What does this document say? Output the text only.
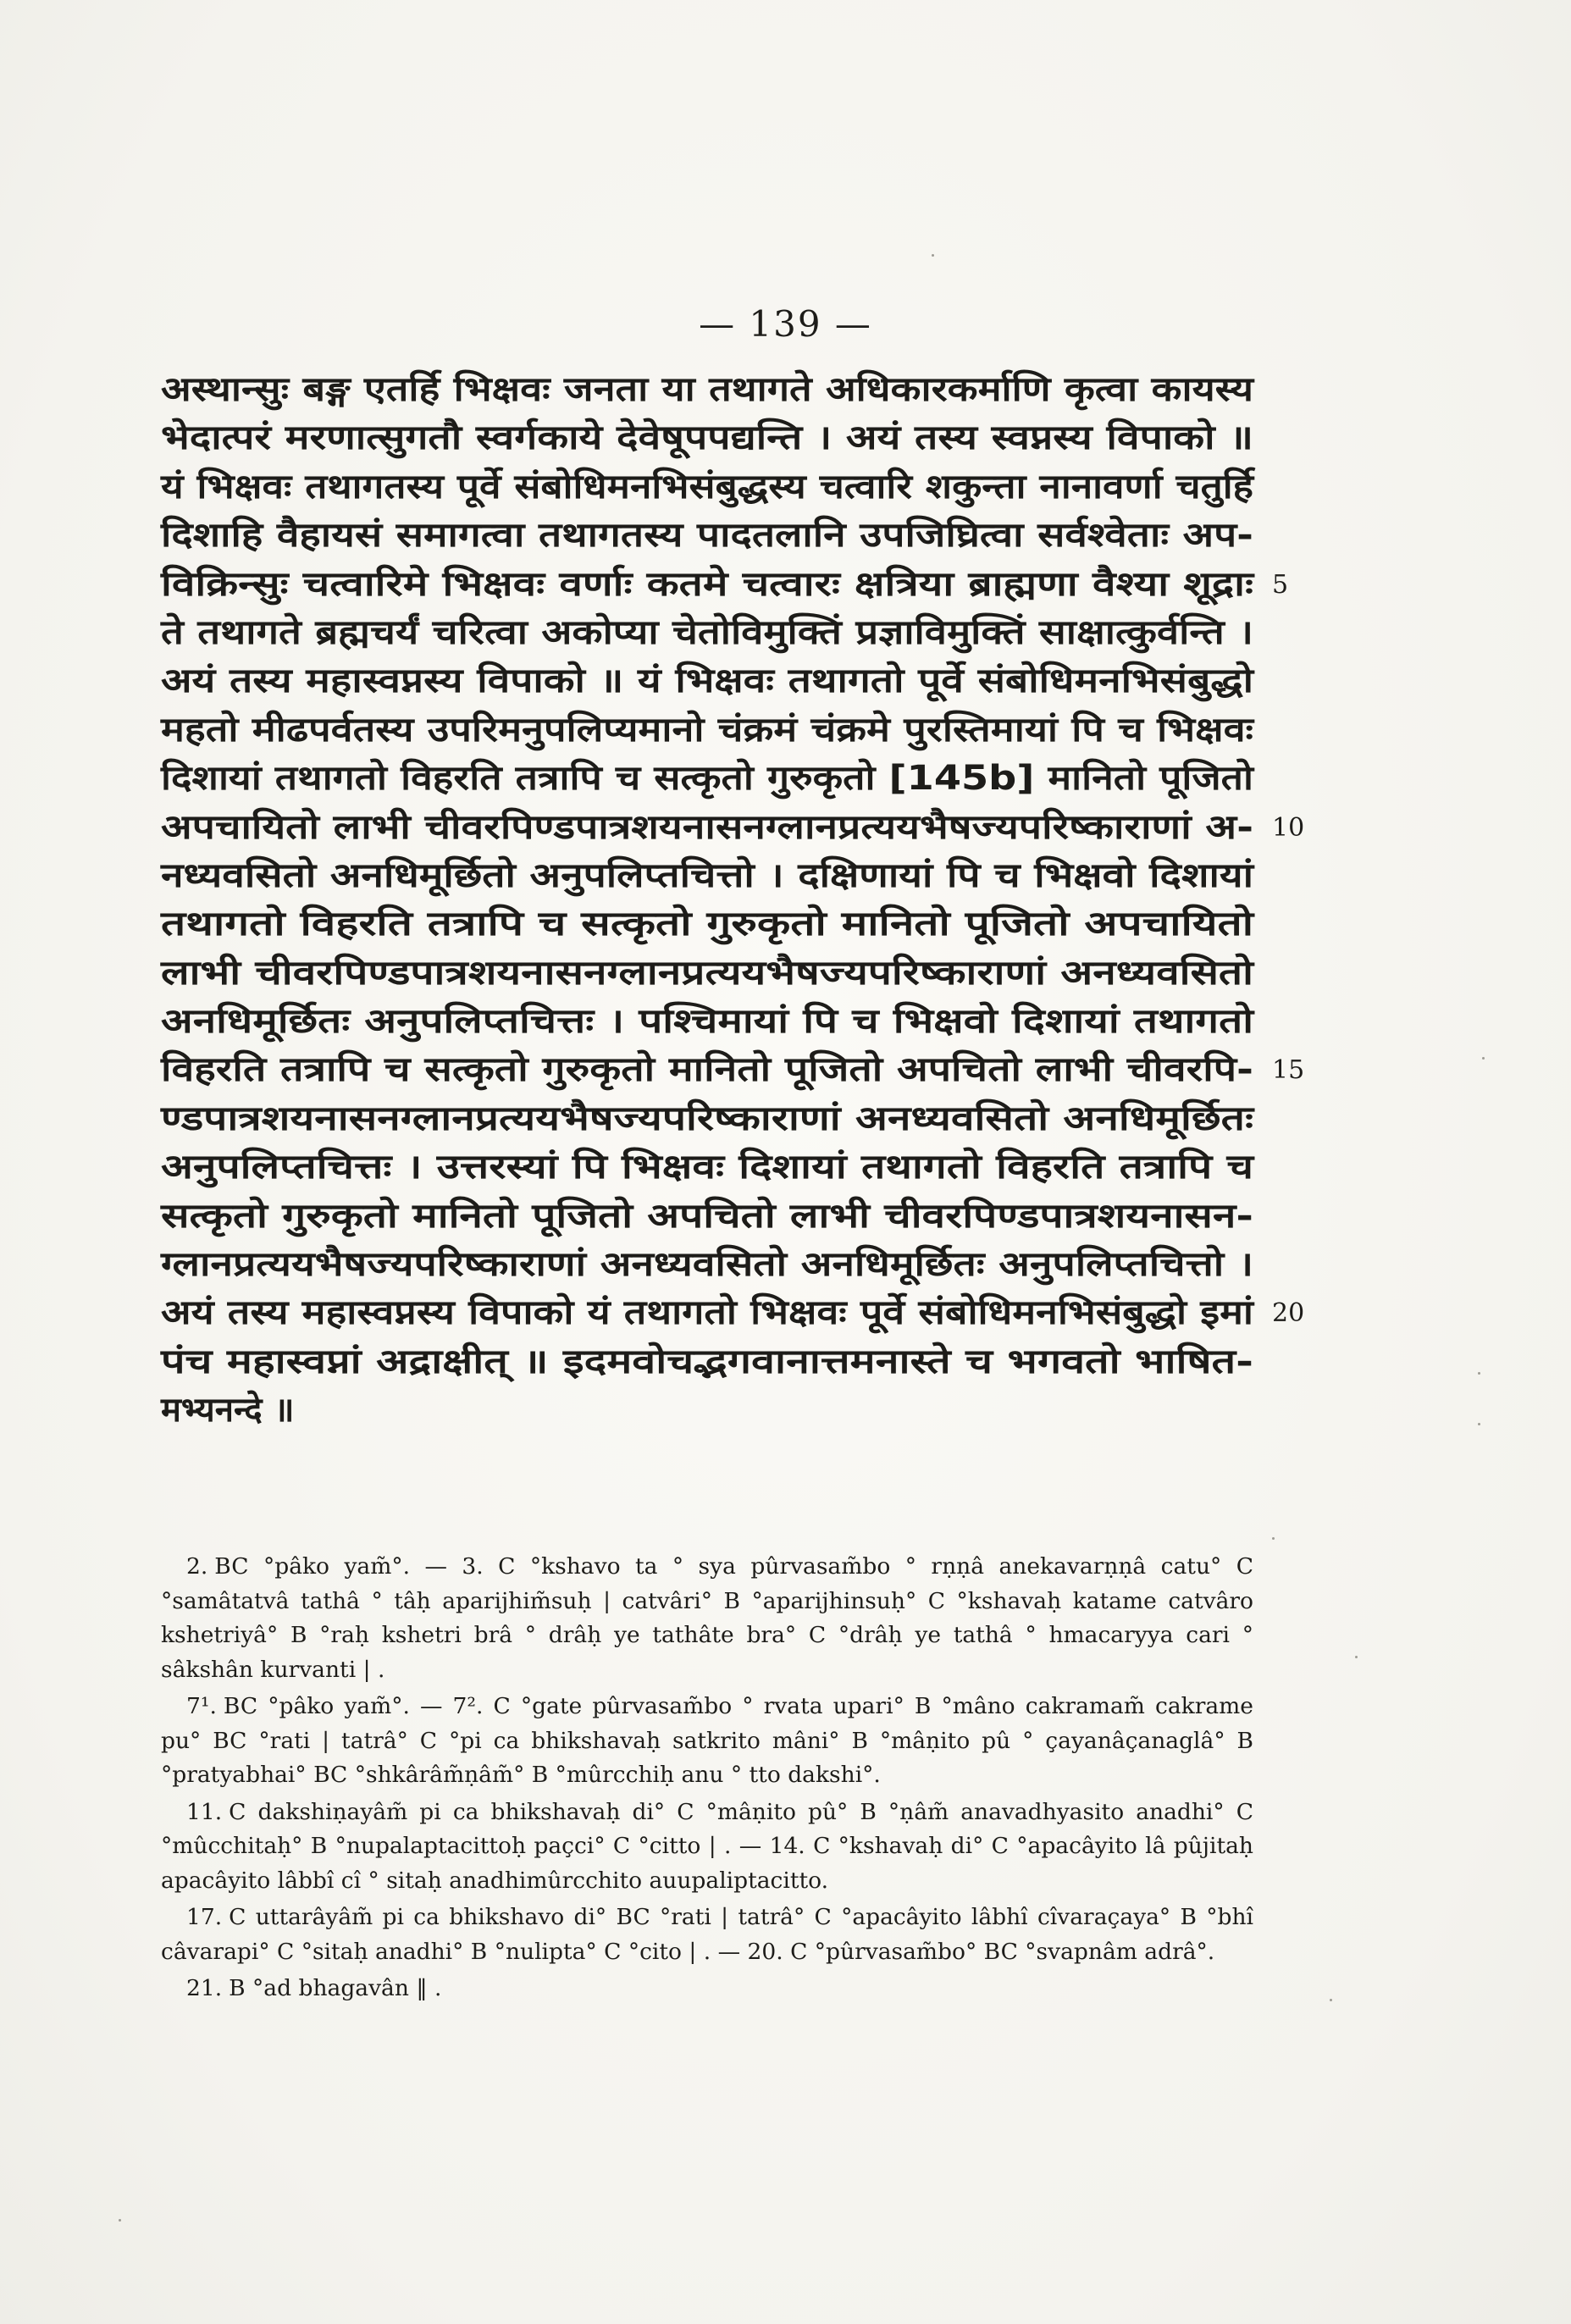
— 139 —
अस्थान्सुः बङ्ग एतर्हि भिक्षवः जनता या तथागते अधिकारकर्माणि कृत्वा कायस्य
भेदात्परं मरणात्सुगतौ स्वर्गकाये देवेषूपपद्यन्ति । अयं तस्य स्वप्नस्य विपाको ॥
यं भिक्षवः तथागतस्य पूर्वे संबोधिमनभिसंबुद्धस्य चत्वारि शकुन्ता नानावर्णा चतुर्हि
दिशाहि वैहायसं समागत्वा तथागतस्य पादतलानि उपजिघ्रित्वा सर्वश्वेताः अप-
विक्रिन्सुः चत्वारिमे भिक्षवः वर्णाः कतमे चत्वारः क्षत्रिया ब्राह्मणा वैश्या शूद्राः 5
ते तथागते ब्रह्मचर्यं चरित्वा अकोप्या चेतोविमुक्तिं प्रज्ञाविमुक्तिं साक्षात्कुर्वन्ति ।
अयं तस्य महास्वप्नस्य विपाको ॥ यं भिक्षवः तथागतो पूर्वे संबोधिमनभिसंबुद्धो
महतो मीढपर्वतस्य उपरिमनुपलिप्यमानो चंक्रमं चंक्रमे पुरस्तिमायां पि च भिक्षवः
दिशायां तथागतो विहरति तत्रापि च सत्कृतो गुरुकृतो [145b] मानितो पूजितो
अपचायितो लाभी चीवरपिण्डपात्रशयनासनग्लानप्रत्ययभैषज्यपरिष्काराणां अ- 10
नध्यवसितो अनधिमूर्छितो अनुपलिप्तचित्तो । दक्षिणायां पि च भिक्षवो दिशायां
तथागतो विहरति तत्रापि च सत्कृतो गुरुकृतो मानितो पूजितो अपचायितो
लाभी चीवरपिण्डपात्रशयनासनग्लानप्रत्ययभैषज्यपरिष्काराणां अनध्यवसितो
अनधिमूर्छितः अनुपलिप्तचित्तः । पश्चिमायां पि च भिक्षवो दिशायां तथागतो
विहरति तत्रापि च सत्कृतो गुरुकृतो मानितो पूजितो अपचितो लाभी चीवरपि- 15
ण्डपात्रशयनासनग्लानप्रत्ययभैषज्यपरिष्काराणां अनध्यवसितो अनधिमूर्छितः
अनुपलिप्तचित्तः । उत्तरस्यां पि भिक्षवः दिशायां तथागतो विहरति तत्रापि च
सत्कृतो गुरुकृतो मानितो पूजितो अपचितो लाभी चीवरपिण्डपात्रशयनासन-
ग्लानप्रत्ययभैषज्यपरिष्काराणां अनध्यवसितो अनधिमूर्छितः अनुपलिप्तचित्तो ।
अयं तस्य महास्वप्नस्य विपाको यं तथागतो भिक्षवः पूर्वे संबोधिमनभिसंबुद्धो इमां 20
पंच महास्वप्नां अद्राक्षीत् ॥ इदमवोचद्भगवानात्तमनास्ते च भगवतो भाषित-
मभ्यनन्दे ॥
2. BC °pâko yam̃°. — 3. C °kshavo ta ° sya pûrvasam̃bo ° rṇṇâ anekavarṇṇâ catu° C °samâtatvâ tathâ ° tâḥ aparijhim̃suḥ | catvâri° B °aparijhinsuḥ° C °kshavaḥ katame catvâro kshetriyâ° B °raḥ kshetri brâ ° drâḥ ye tathâte bra° C °drâḥ ye tathâ ° hmacaryya cari ° sâkshân kurvanti | .
7¹. BC °pâko yam̃°. — 7². C °gate pûrvasam̃bo ° rvata upari° B °mâno cakramam̃ cakrame pu° BC °rati | tatrâ° C °pi ca bhikshavaḥ satkrito mâni° B °mâṇito pû ° çayanâçanaglâ° B °pratyabhai° BC °shkârâm̃ṇâm̃° B °mûrcchiḥ anu ° tto dakshi°.
11. C dakshiṇayâm̃ pi ca bhikshavaḥ di° C °mâṇito pû° B °ṇâm̃ anavadhyasito anadhi° C °mûcchitaḥ° B °nupalaptacittoḥ paçci° C °citto | . — 14. C °kshavaḥ di° C °apacâyito lâ pûjitaḥ apacâyito lâbbî cî ° sitaḥ anadhimûrcchito auupaliptacitto.
17. C uttarâyâm̃ pi ca bhikshavo di° BC °rati | tatrâ° C °apacâyito lâbhî cîvaraçaya° B °bhî câvarapi° C °sitaḥ anadhi° B °nulipta° C °cito | . — 20. C °pûrvasam̃bo° BC °svapnâm adrâ°.
21. B °ad bhagavân ‖ .
